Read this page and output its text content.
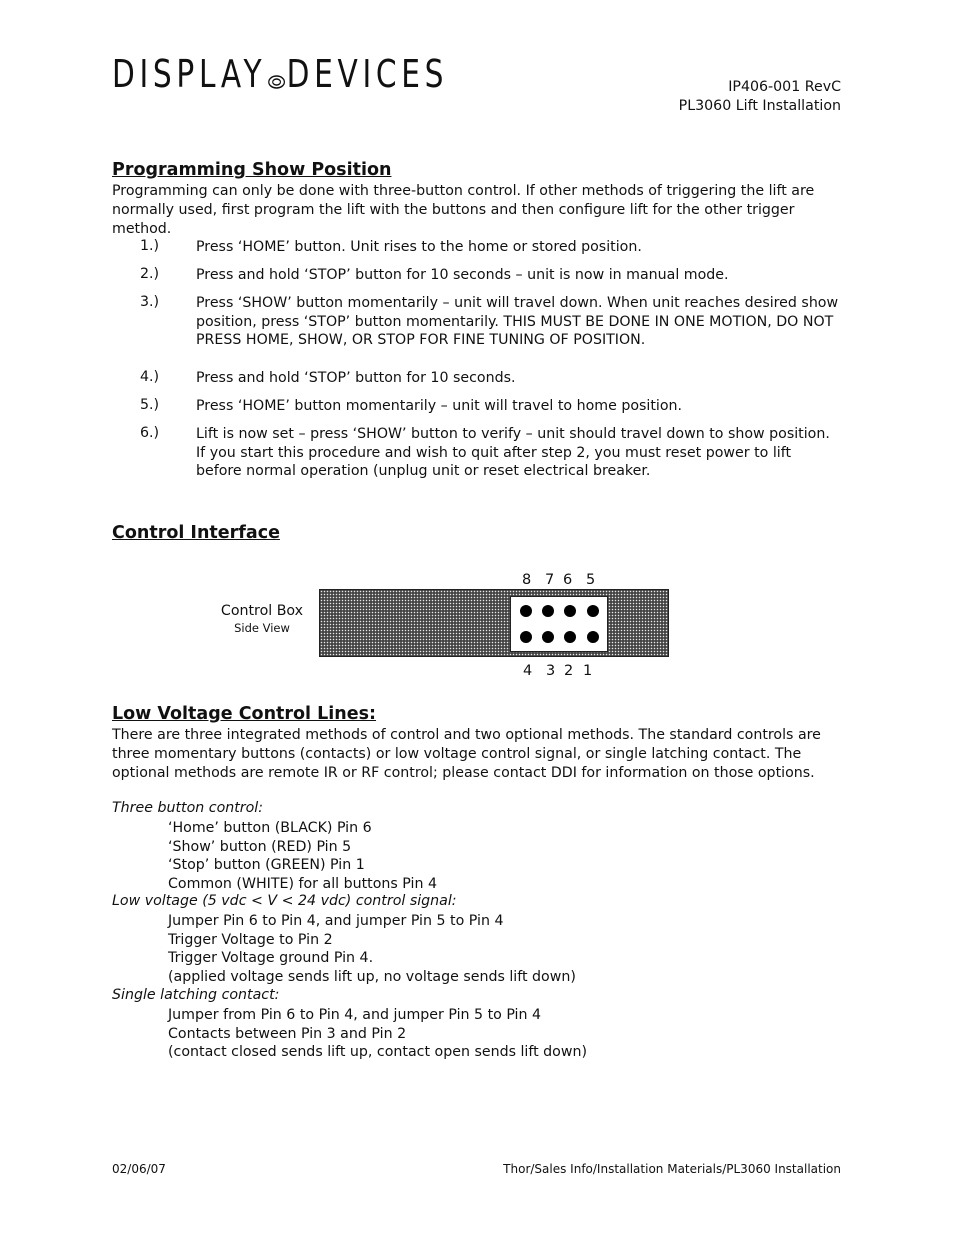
DISPLAY DEVICES	IP406-001 RevC
PL3060 Lift Installation
Programming Show Position

Programming can only be done with three-button control. If other methods of triggering the lift are normally used, first program the lift with the buttons and then configure lift for the other trigger method.

1.)	Press ‘HOME’ button. Unit rises to the home or stored position.
2.)	Press and hold ‘STOP’ button for 10 seconds – unit is now in manual mode.
3.)	Press ‘SHOW’ button momentarily – unit will travel down. When unit reaches desired show position, press ‘STOP’ button momentarily. THIS MUST BE DONE IN ONE MOTION, DO NOT PRESS HOME, SHOW, OR STOP FOR FINE TUNING OF POSITION.
4.)	Press and hold ‘STOP’ button for 10 seconds.
5.)	Press ‘HOME’ button momentarily – unit will travel to home position.
6.)	Lift is now set – press ‘SHOW’ button to verify – unit should travel down to show position. If you start this procedure and wish to quit after step 2, you must reset power to lift before normal operation (unplug unit or reset electrical breaker.
Control Interface
Control Box
Side View
8 7 6 5
4 3 2 1
Low Voltage Control Lines:

There are three integrated methods of control and two optional methods. The standard controls are three momentary buttons (contacts) or low voltage control signal, or single latching contact. The optional methods are remote IR or RF control; please contact DDI for information on those options.

Three button control:
‘Home’ button (BLACK) Pin 6
‘Show’ button (RED) Pin 5
‘Stop’ button (GREEN) Pin 1
Common (WHITE) for all buttons Pin 4
Low voltage (5 vdc < V < 24 vdc) control signal:
Jumper Pin 6 to Pin 4, and jumper Pin 5 to Pin 4
Trigger Voltage to Pin 2
Trigger Voltage ground Pin 4.
(applied voltage sends lift up, no voltage sends lift down)
Single latching contact:
Jumper from Pin 6 to Pin 4, and jumper Pin 5 to Pin 4
Contacts between Pin 3 and Pin 2
(contact closed sends lift up, contact open sends lift down)
02/06/07	Thor/Sales Info/Installation Materials/PL3060 Installation
